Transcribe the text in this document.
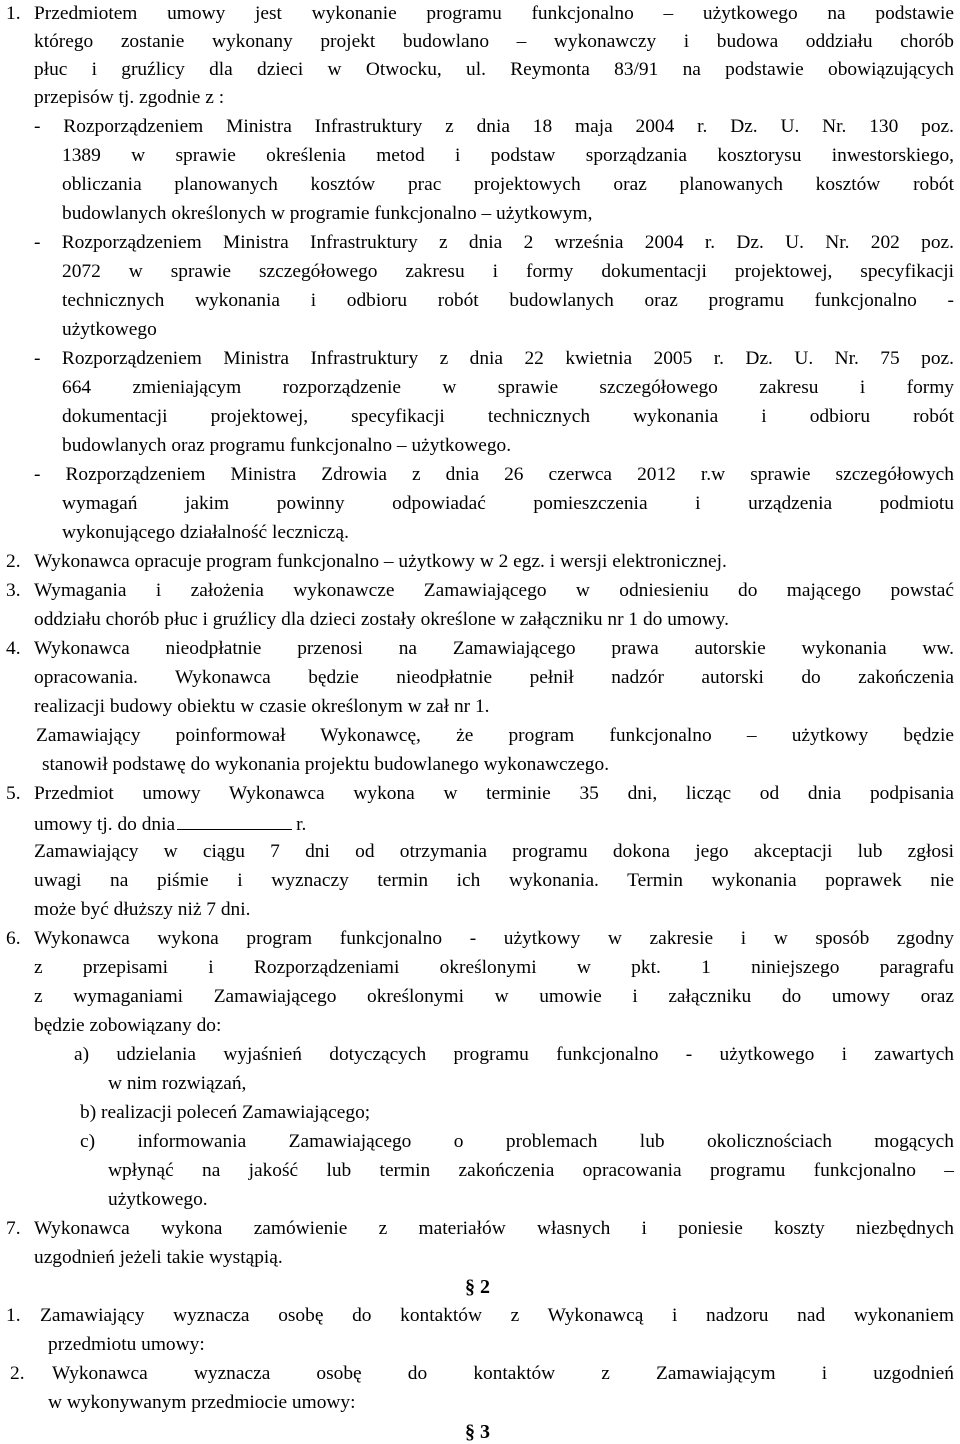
1. Przedmiotem umowy jest wykonanie programu funkcjonalno – użytkowego na podstawie
którego zostanie wykonany projekt budowlano – wykonawczy i budowa oddziału chorób
płuc i gruźlicy dla dzieci w Otwocku, ul. Reymonta 83/91 na podstawie obowiązujących
przepisów tj. zgodnie z :
- Rozporządzeniem Ministra Infrastruktury z dnia 18 maja 2004 r. Dz. U. Nr. 130 poz.
1389 w sprawie określenia metod i podstaw sporządzania kosztorysu inwestorskiego,
obliczania planowanych kosztów prac projektowych oraz planowanych kosztów robót
budowlanych określonych w programie funkcjonalno – użytkowym,
- Rozporządzeniem Ministra Infrastruktury z dnia 2 września 2004 r. Dz. U. Nr. 202 poz.
2072 w sprawie szczegółowego zakresu i formy dokumentacji projektowej, specyfikacji
technicznych wykonania i odbioru robót budowlanych oraz programu funkcjonalno -
użytkowego
- Rozporządzeniem Ministra Infrastruktury z dnia 22 kwietnia 2005 r. Dz. U. Nr. 75 poz.
664 zmieniającym rozporządzenie w sprawie szczegółowego zakresu i formy
dokumentacji projektowej, specyfikacji technicznych wykonania i odbioru robót
budowlanych oraz programu funkcjonalno – użytkowego.
- Rozporządzeniem Ministra Zdrowia z dnia 26 czerwca 2012 r.w sprawie szczegółowych
wymagań jakim powinny odpowiadać pomieszczenia i urządzenia podmiotu
wykonującego działalność leczniczą.
2. Wykonawca opracuje program funkcjonalno – użytkowy w 2 egz. i wersji elektronicznej.
3. Wymagania i założenia wykonawcze Zamawiającego w odniesieniu do mającego powstać
oddziału chorób płuc i gruźlicy dla dzieci zostały określone w załączniku nr 1 do umowy.
4. Wykonawca nieodpłatnie przenosi na Zamawiającego prawa autorskie wykonania ww.
opracowania. Wykonawca będzie nieodpłatnie pełnił nadzór autorski do zakończenia
realizacji budowy obiektu w czasie określonym w zał nr 1.
Zamawiający poinformował Wykonawcę, że program funkcjonalno – użytkowy będzie
stanowił podstawę do wykonania projektu budowlanego wykonawczego.
5. Przedmiot umowy Wykonawca wykona w terminie 35 dni, licząc od dnia podpisania
umowy tj. do dnia	r.
Zamawiający w ciągu 7 dni od otrzymania programu dokona jego akceptacji lub zgłosi
uwagi na piśmie i wyznaczy termin ich wykonania. Termin wykonania poprawek nie
może być dłuższy niż 7 dni.
6. Wykonawca wykona program funkcjonalno - użytkowy w zakresie i w sposób zgodny
z przepisami i Rozporządzeniami określonymi w pkt. 1 niniejszego paragrafu
z wymaganiami Zamawiającego określonymi w umowie i załączniku do umowy oraz
będzie zobowiązany do:
a) udzielania wyjaśnień dotyczących programu funkcjonalno - użytkowego i zawartych
w nim rozwiązań,
b) realizacji poleceń Zamawiającego;
c) informowania Zamawiającego o problemach lub okolicznościach mogących
wpłynąć na jakość lub termin zakończenia opracowania programu funkcjonalno –
użytkowego.
7. Wykonawca wykona zamówienie z materiałów własnych i poniesie koszty niezbędnych
uzgodnień jeżeli takie wystąpią.
§ 2
1. Zamawiający wyznacza osobę do kontaktów z Wykonawcą i nadzoru nad wykonaniem
przedmiotu umowy:
2. Wykonawca wyznacza osobę do kontaktów z Zamawiającym i uzgodnień
w wykonywanym przedmiocie umowy:
§ 3
